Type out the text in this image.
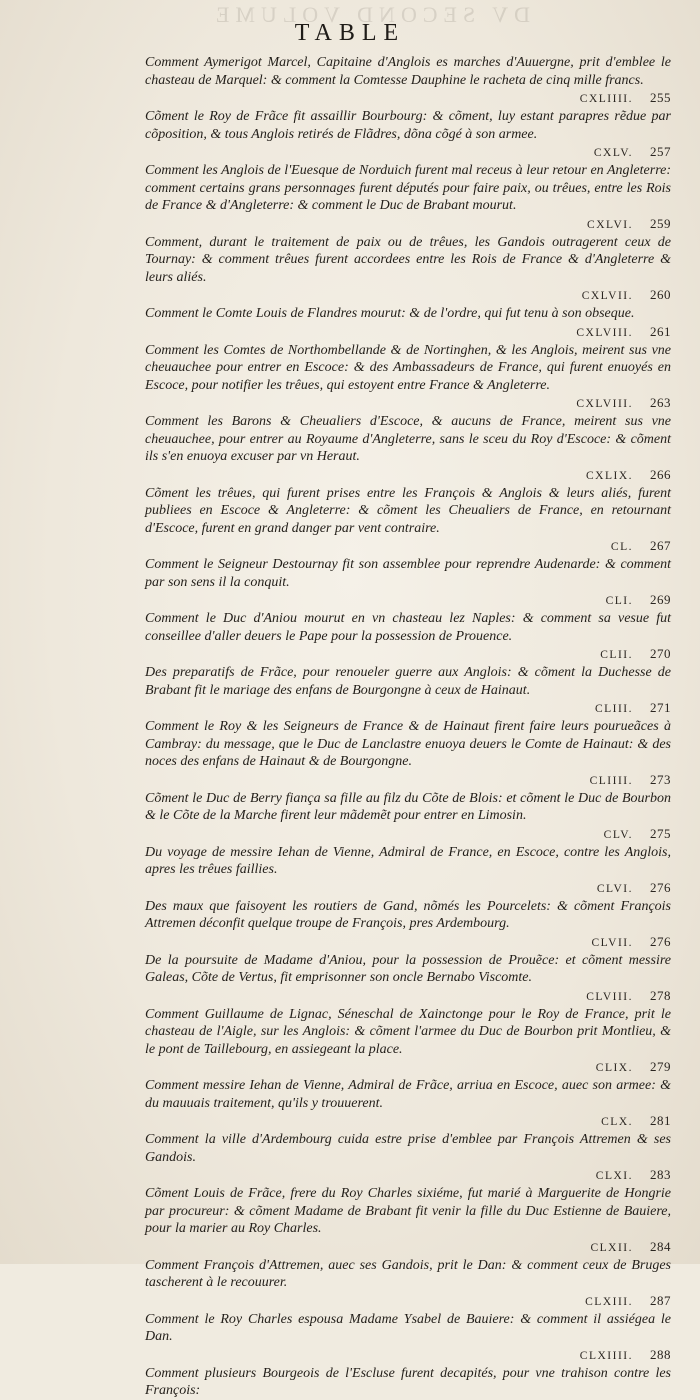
DV SECOND VOLUME
TABLE

Comment Aymerigot Marcel, Capitaine d'Anglois es marches d'Auuergne, prit d'emblee le chasteau de Marquel: & comment la Comtesse Dauphine le racheta de cinq mille francs.
CXLIIII. 255

Cõment le Roy de Frãce fit assaillir Bourbourg: & cõment, luy estant parapres rẽdue par cõposition, & tous Anglois retirés de Flãdres, dõna cõgé à son armee.
CXLV. 257

Comment les Anglois de l'Euesque de Norduich furent mal receus à leur retour en Angleterre: comment certains grans personnages furent députés pour faire paix, ou trêues, entre les Rois de France & d'Angleterre: & comment le Duc de Brabant mourut.
CXLVI. 259

Comment, durant le traitement de paix ou de trêues, les Gandois outragerent ceux de Tournay: & comment trêues furent accordees entre les Rois de France & d'Angleterre & leurs aliés.
CXLVII. 260

Comment le Comte Louis de Flandres mourut: & de l'ordre, qui fut tenu à son obseque.
CXLVIII. 261

Comment les Comtes de Northombellande & de Nortinghen, & les Anglois, meirent sus vne cheuauchee pour entrer en Escoce: & des Ambassadeurs de France, qui furent enuoyés en Escoce, pour notifier les trêues, qui estoyent entre France & Angleterre.
CXLVIII. 263

Comment les Barons & Cheualiers d'Escoce, & aucuns de France, meirent sus vne cheuauchee, pour entrer au Royaume d'Angleterre, sans le sceu du Roy d'Escoce: & cõment ils s'en enuoya excuser par vn Heraut.
CXLIX. 266

Cõment les trêues, qui furent prises entre les François & Anglois & leurs aliés, furent publiees en Escoce & Angleterre: & cõment les Cheualiers de France, en retournant d'Escoce, furent en grand danger par vent contraire.
CL. 267

Comment le Seigneur Destournay fit son assemblee pour reprendre Audenarde: & comment par son sens il la conquit.
CLI. 269

Comment le Duc d'Aniou mourut en vn chasteau lez Naples: & comment sa vesue fut conseillee d'aller deuers le Pape pour la possession de Prouence.
CLII. 270

Des preparatifs de Frãce, pour renoueler guerre aux Anglois: & cõment la Duchesse de Brabant fit le mariage des enfans de Bourgongne à ceux de Hainaut.
CLIII. 271

Comment le Roy & les Seigneurs de France & de Hainaut firent faire leurs pourueãces à Cambray: du message, que le Duc de Lanclastre enuoya deuers le Comte de Hainaut: & des noces des enfans de Hainaut & de Bourgongne.
CLIIII. 273

Cõment le Duc de Berry fiança sa fille au filz du Cõte de Blois: et cõment le Duc de Bourbon & le Cõte de la Marche firent leur mãdemẽt pour entrer en Limosin.
CLV. 275

Du voyage de messire Iehan de Vienne, Admiral de France, en Escoce, contre les Anglois, apres les trêues faillies.
CLVI. 276

Des maux que faisoyent les routiers de Gand, nõmés les Pourcelets: & cõment François Attremen déconfit quelque troupe de François, pres Ardembourg.
CLVII. 276

De la poursuite de Madame d'Aniou, pour la possession de Prouẽce: et cõment messire Galeas, Cõte de Vertus, fit emprisonner son oncle Bernabo Viscomte.
CLVIII. 278

Comment Guillaume de Lignac, Séneschal de Xainctonge pour le Roy de France, prit le chasteau de l'Aigle, sur les Anglois: & cõment l'armee du Duc de Bourbon prit Montlieu, & le pont de Taillebourg, en assiegeant la place.
CLIX. 279

Comment messire Iehan de Vienne, Admiral de Frãce, arriua en Escoce, auec son armee: & du mauuais traitement, qu'ils y trouuerent.
CLX. 281

Comment la ville d'Ardembourg cuida estre prise d'emblee par François Attremen & ses Gandois.
CLXI. 283

Cõment Louis de Frãce, frere du Roy Charles sixiéme, fut marié à Marguerite de Hongrie par procureur: & cõment Madame de Brabant fit venir la fille du Duc Estienne de Bauiere, pour la marier au Roy Charles.
CLXII. 284

Comment François d'Attremen, auec ses Gandois, prit le Dan: & comment ceux de Bruges tascherent à le recouurer.
CLXIII. 287

Comment le Roy Charles espousa Madame Ysabel de Bauiere: & comment il assiégea le Dan.
CLXIIII. 288

Comment plusieurs Bourgeois de l'Escluse furent decapités, pour vne trahison contre les François:
